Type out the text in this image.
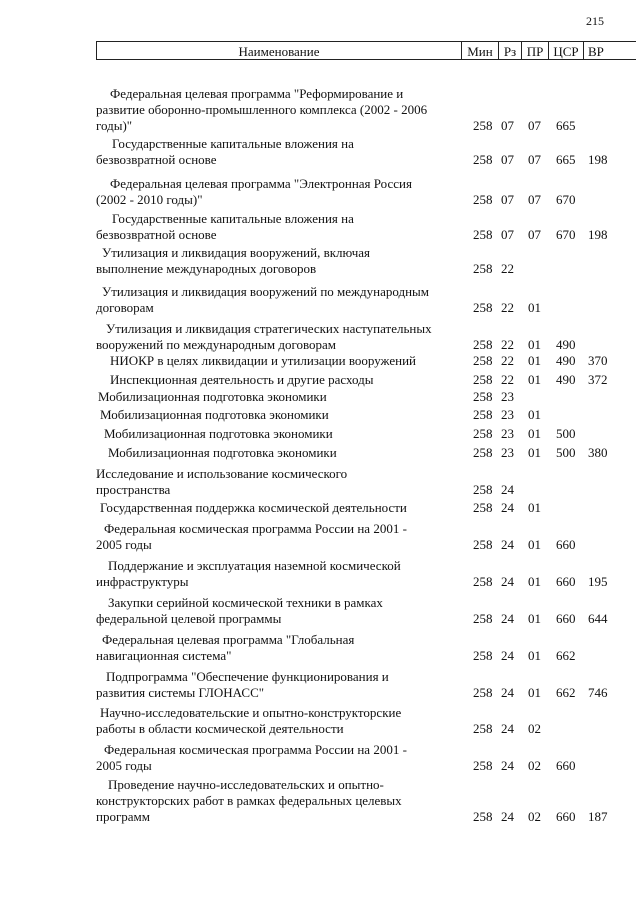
215
Наименование	Мин Рз ПР ЦСР ВР
Федеральная целевая программа "Реформирование и
развитие оборонно-промышленного комплекса (2002 - 2006
годы)"	258 07 07 665
Государственные капитальные вложения на
безвозвратной основе	258 07 07 665 198
Федеральная целевая программа "Электронная Россия
(2002 - 2010 годы)"	258 07 07 670
Государственные капитальные вложения на
безвозвратной основе	258 07 07 670 198
Утилизация и ликвидация вооружений, включая
выполнение международных договоров	258 22
Утилизация и ликвидация вооружений по международным
договорам	258 22 01
Утилизация и ликвидация стратегических наступательных
вооружений по международным договорам	258 22 01 490
НИОКР в целях ликвидации и утилизации вооружений	258 22 01 490 370
Инспекционная деятельность и другие расходы	258 22 01 490 372
Мобилизационная подготовка экономики	258 23
Мобилизационная подготовка экономики	258 23 01
Мобилизационная подготовка экономики	258 23 01 500
Мобилизационная подготовка экономики	258 23 01 500 380
Исследование и использование космического
пространства	258 24
Государственная поддержка космической деятельности	258 24 01
Федеральная космическая программа России на 2001 -
2005 годы	258 24 01 660
Поддержание и эксплуатация наземной космической
инфраструктуры	258 24 01 660 195
Закупки серийной космической техники в рамках
федеральной целевой программы	258 24 01 660 644
Федеральная целевая программа "Глобальная
навигационная система"	258 24 01 662
Подпрограмма "Обеспечение функционирования и
развития системы ГЛОНАСС"	258 24 01 662 746
Научно-исследовательские и опытно-конструкторские
работы в области космической деятельности	258 24 02
Федеральная космическая программа России на 2001 -
2005 годы	258 24 02 660
Проведение научно-исследовательских и опытно-
конструкторских работ в рамках федеральных целевых
программ	258 24 02 660 187
